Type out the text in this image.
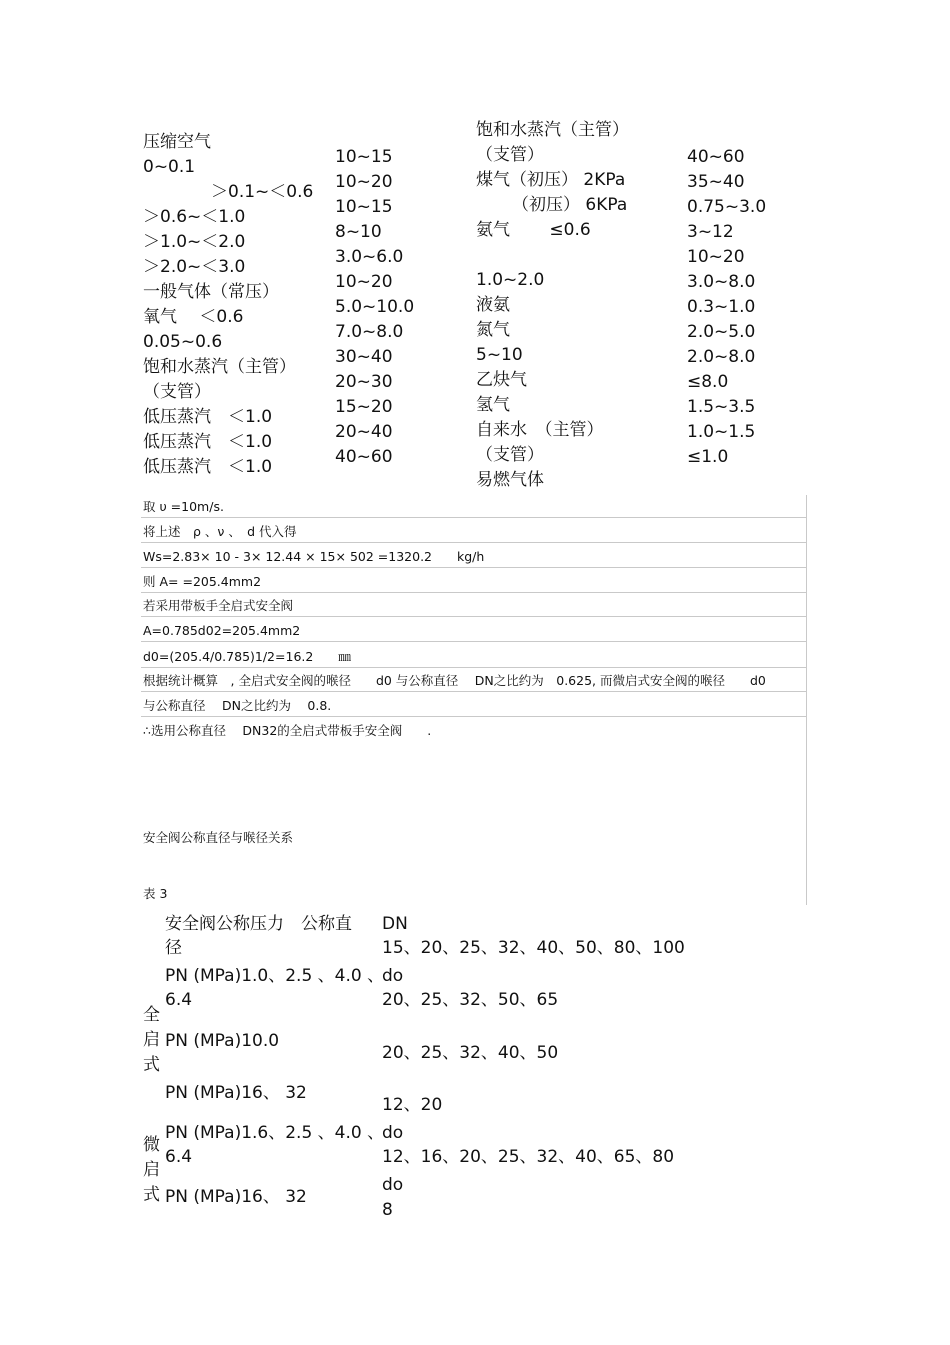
压缩空气
0~0.1
＞0.1~＜0.6
＞0.6~＜1.0
＞1.0~＜2.0
＞2.0~＜3.0
一般气体（常压）
氧气　 ＜0.6
0.05~0.6
饱和水蒸汽（主管）
（支管）
低压蒸汽　＜1.0
低压蒸汽　＜1.0
低压蒸汽　＜1.0
10~15
10~20
10~15
8~10
3.0~6.0
10~20
5.0~10.0
7.0~8.0
30~40
20~30
15~20
20~40
40~60
饱和水蒸汽（主管）
（支管）
煤气（初压） 2KPa
（初压） 6KPa
氨气　　 ≤0.6
1.0~2.0
液氨
氮气
5~10
乙炔气
氢气
自来水　（主管）
（支管）
易燃气体
40~60
35~40
0.75~3.0
3~12
10~20
3.0~8.0
0.3~1.0
2.0~5.0
2.0~8.0
≤8.0
1.5~3.5
1.0~1.5
≤1.0
取 υ =10m/s.
将上述　ρ 、ν 、　d 代入得
Ws=2.83× 10 - 3× 12.44 × 15× 502 =1320.2　　kg/h
则 A= =205.4mm2
若采用带板手全启式安全阀
A=0.785d02=205.4mm2
d0=(205.4/0.785)1/2=16.2　　㎜
根据统计概算　, 全启式安全阀的喉径　　d0 与公称直径　 DN之比约为　0.625, 而微启式安全阀的喉径　　d0
与公称直径　 DN之比约为　 0.8.
∴选用公称直径　 DN32的全启式带板手安全阀　　.
安全阀公称直径与喉径关系
表 3
安全阀公称压力　公称直
径
DN
15、20、25、32、40、50、80、100
全启式
微启式
PN (MPa)1.0、2.5 、4.0 、
6.4
do
20、25、32、50、65
PN (MPa)10.0
20、25、32、40、50
PN (MPa)16、 32
12、20
PN (MPa)1.6、2.5 、4.0 、
6.4
do
12、16、20、25、32、40、65、80
PN (MPa)16、 32
do
8
